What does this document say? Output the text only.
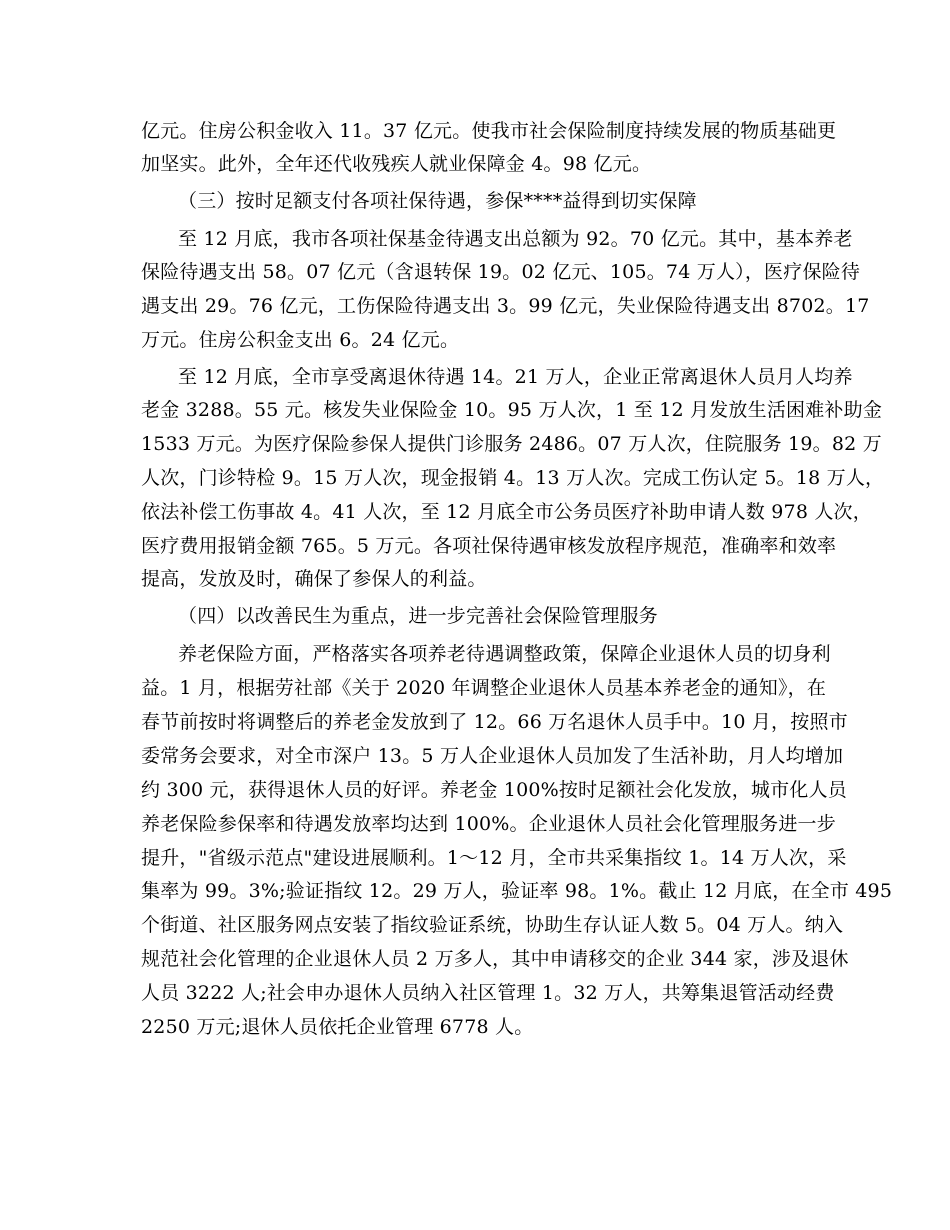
亿元。住房公积金收入 11。37 亿元。使我市社会保险制度持续发展的物质基础更
加坚实。此外，全年还代收残疾人就业保障金 4。98 亿元。
（三）按时足额支付各项社保待遇，参保****益得到切实保障
至 12 月底，我市各项社保基金待遇支出总额为 92。70 亿元。其中，基本养老
保险待遇支出 58。07 亿元（含退转保 19。02 亿元、105。74 万人），医疗保险待
遇支出 29。76 亿元，工伤保险待遇支出 3。99 亿元，失业保险待遇支出 8702。17
万元。住房公积金支出 6。24 亿元。
至 12 月底，全市享受离退休待遇 14。21 万人，企业正常离退休人员月人均养
老金 3288。55 元。核发失业保险金 10。95 万人次，1 至 12 月发放生活困难补助金
1533 万元。为医疗保险参保人提供门诊服务 2486。07 万人次，住院服务 19。82 万
人次，门诊特检 9。15 万人次，现金报销 4。13 万人次。完成工伤认定 5。18 万人，
依法补偿工伤事故 4。41 人次，至 12 月底全市公务员医疗补助申请人数 978 人次，
医疗费用报销金额 765。5 万元。各项社保待遇审核发放程序规范，准确率和效率
提高，发放及时，确保了参保人的利益。
（四）以改善民生为重点，进一步完善社会保险管理服务
养老保险方面，严格落实各项养老待遇调整政策，保障企业退休人员的切身利
益。1 月，根据劳社部《关于 2020 年调整企业退休人员基本养老金的通知》，在
春节前按时将调整后的养老金发放到了 12。66 万名退休人员手中。10 月，按照市
委常务会要求，对全市深户 13。5 万人企业退休人员加发了生活补助，月人均增加
约 300 元，获得退休人员的好评。养老金 100%按时足额社会化发放，城市化人员
养老保险参保率和待遇发放率均达到 100%。企业退休人员社会化管理服务进一步
提升，"省级示范点"建设进展顺利。1～12 月，全市共采集指纹 1。14 万人次，采
集率为 99。3%;验证指纹 12。29 万人，验证率 98。1%。截止 12 月底，在全市 495
个街道、社区服务网点安装了指纹验证系统，协助生存认证人数 5。04 万人。纳入
规范社会化管理的企业退休人员 2 万多人，其中申请移交的企业 344 家，涉及退休
人员 3222 人;社会申办退休人员纳入社区管理 1。32 万人，共筹集退管活动经费
2250 万元;退休人员依托企业管理 6778 人。
